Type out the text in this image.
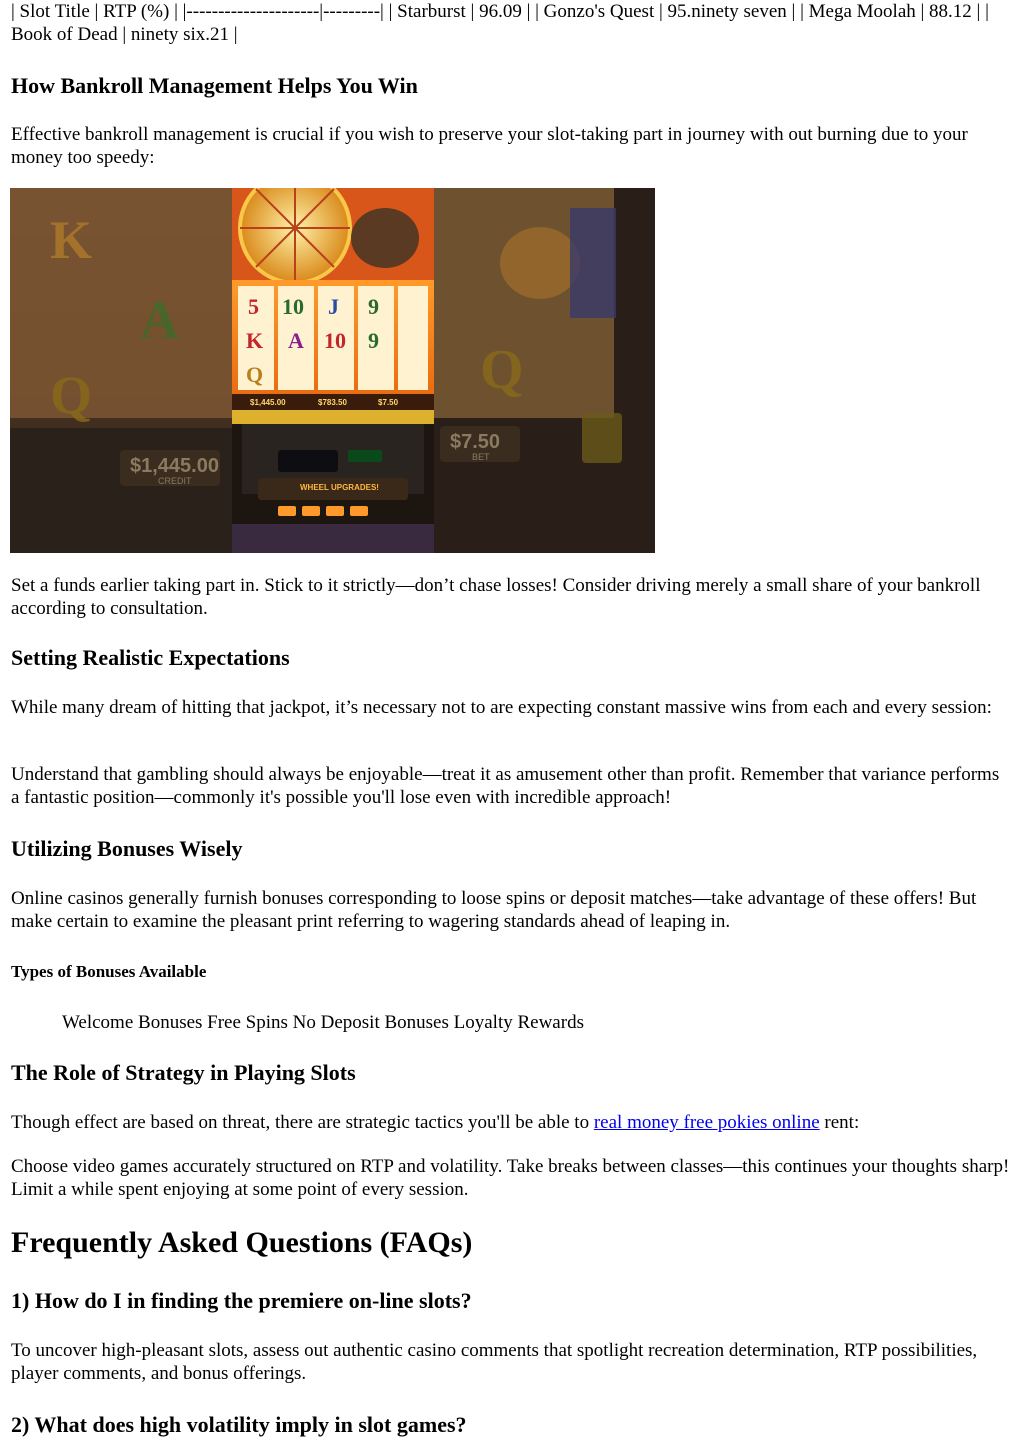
| Slot Title | RTP (%) | |---------------------|---------| | Starburst | 96.09 | | Gonzo's Quest | 95.ninety seven | | Mega Moolah | 88.12 | | Book of Dead | ninety six.21 |

How Bankroll Management Helps You Win

Effective bankroll management is crucial if you wish to preserve your slot-taking part in journey with out burning due to your money too speedy:

K
A
Q
$1,445.00
CREDIT
5 10 J 9
K A 10 9
Q
$1,445.00	$783.50	$7.50
WHEEL UPGRADES!
Q
$7.50
BET

Set a funds earlier taking part in. Stick to it strictly—don’t chase losses! Consider driving merely a small share of your bankroll according to consultation.

Setting Realistic Expectations

While many dream of hitting that jackpot, it’s necessary not to are expecting constant massive wins from each and every session:

Understand that gambling should always be enjoyable—treat it as amusement other than profit. Remember that variance performs a fantastic position—commonly it's possible you'll lose even with incredible approach!

Utilizing Bonuses Wisely

Online casinos generally furnish bonuses corresponding to loose spins or deposit matches—take advantage of these offers! But make certain to examine the pleasant print referring to wagering standards ahead of leaping in.

Types of Bonuses Available

Welcome Bonuses Free Spins No Deposit Bonuses Loyalty Rewards

The Role of Strategy in Playing Slots

Though effect are based on threat, there are strategic tactics you'll be able to real money free pokies online rent:

Choose video games accurately structured on RTP and volatility. Take breaks between classes—this continues your thoughts sharp! Limit a while spent enjoying at some point of every session.

Frequently Asked Questions (FAQs)
1) How do I in finding the premiere on-line slots?

To uncover high-pleasant slots, assess out authentic casino comments that spotlight recreation determination, RTP possibilities, player comments, and bonus offerings.

2) What does high volatility imply in slot games?
